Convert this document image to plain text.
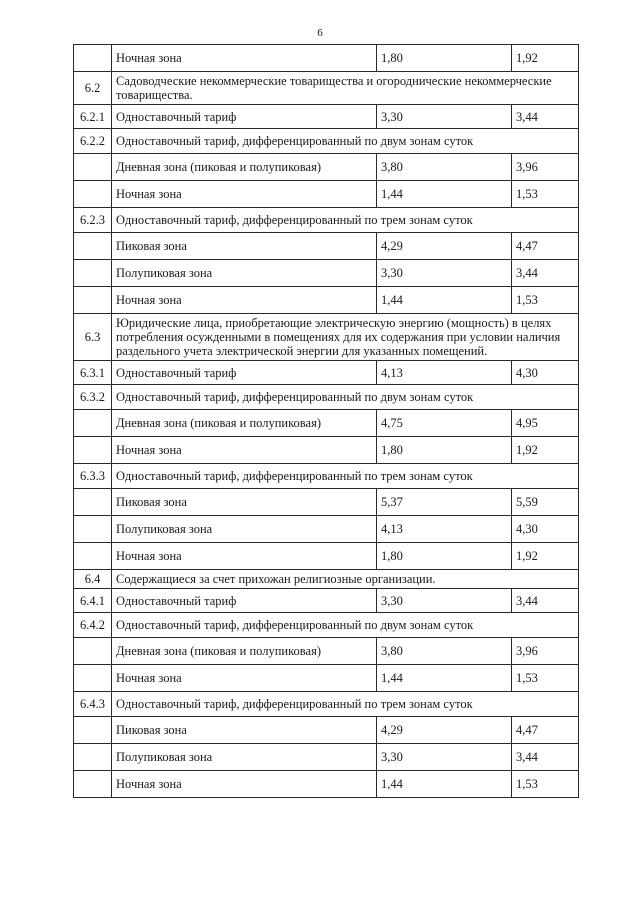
6
	Ночная зона	1,80	1,92
6.2	Садоводческие некоммерческие товарищества и огороднические некоммерческие товарищества.		
6.2.1	Одноставочный тариф	3,30	3,44
6.2.2	Одноставочный тариф, дифференцированный по двум зонам суток		
	Дневная зона (пиковая и полупиковая)	3,80	3,96
	Ночная зона	1,44	1,53
6.2.3	Одноставочный тариф, дифференцированный по трем зонам суток		
	Пиковая зона	4,29	4,47
	Полупиковая зона	3,30	3,44
	Ночная зона	1,44	1,53
6.3	Юридические лица, приобретающие электрическую энергию (мощность) в целях потребления осужденными в помещениях для их содержания при условии наличия раздельного учета электрической энергии для указанных помещений.		
6.3.1	Одноставочный тариф	4,13	4,30
6.3.2	Одноставочный тариф, дифференцированный по двум зонам суток		
	Дневная зона (пиковая и полупиковая)	4,75	4,95
	Ночная зона	1,80	1,92
6.3.3	Одноставочный тариф, дифференцированный по трем зонам суток		
	Пиковая зона	5,37	5,59
	Полупиковая зона	4,13	4,30
	Ночная зона	1,80	1,92
6.4	Содержащиеся за счет прихожан религиозные организации.		
6.4.1	Одноставочный тариф	3,30	3,44
6.4.2	Одноставочный тариф, дифференцированный по двум зонам суток		
	Дневная зона (пиковая и полупиковая)	3,80	3,96
	Ночная зона	1,44	1,53
6.4.3	Одноставочный тариф, дифференцированный по трем зонам суток		
	Пиковая зона	4,29	4,47
	Полупиковая зона	3,30	3,44
	Ночная зона	1,44	1,53
